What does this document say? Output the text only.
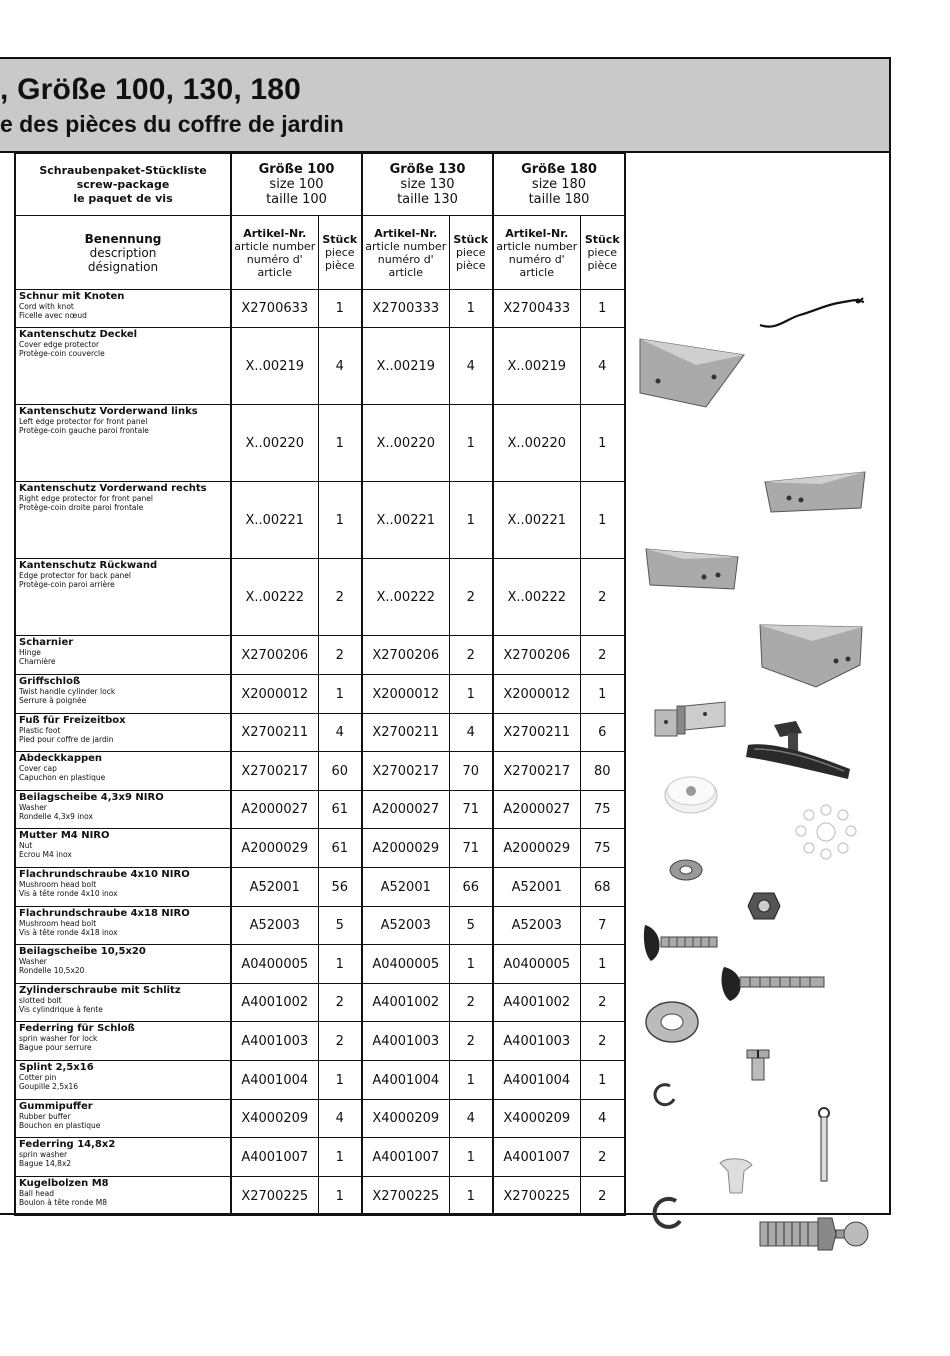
, Größe 100, 130, 180
e des pièces du coffre de jardin
Schraubenpaket-Stückliste
screw-package
le paquet de vis	Größe 100
size 100
taille 100		Größe 130
size 130
taille 130		Größe 180
size 180
taille 180	

Benennung
description
désignation	Artikel-Nr.
article number
numéro d'
article	Stück
piece
pièce	Artikel-Nr.
article number
numéro d'
article	Stück
piece
pièce	Artikel-Nr.
article number
numéro d'
article	Stück
piece
pièce

Schnur mit Knoten
Cord with knot
Ficelle avec nœud	X2700633	1	X2700333	1	X2700433	1

Kantenschutz Deckel
Cover edge protector
Protège-coin couvercle	X..00219	4	X..00219	4	X..00219	4

Kantenschutz Vorderwand links
Left edge protector for front panel
Protège-coin gauche paroi frontale	X..00220	1	X..00220	1	X..00220	1

Kantenschutz Vorderwand rechts
Right edge protector for front panel
Protège-coin droite paroi frontale	X..00221	1	X..00221	1	X..00221	1

Kantenschutz Rückwand
Edge protector for back panel
Protège-coin paroi arrière	X..00222	2	X..00222	2	X..00222	2

Scharnier
Hinge
Charnière	X2700206	2	X2700206	2	X2700206	2

Griffschloß
Twist handle cylinder lock
Serrure à poignée	X2000012	1	X2000012	1	X2000012	1

Fuß für Freizeitbox
Plastic foot
Pied pour coffre de jardin	X2700211	4	X2700211	4	X2700211	6

Abdeckkappen
Cover cap
Capuchon en plastique	X2700217	60	X2700217	70	X2700217	80

Beilagscheibe 4,3x9 NIRO
Washer
Rondelle 4,3x9 inox	A2000027	61	A2000027	71	A2000027	75

Mutter M4 NIRO
Nut
Ecrou M4 inox	A2000029	61	A2000029	71	A2000029	75

Flachrundschraube 4x10 NIRO
Mushroom head bolt
Vis à tête ronde 4x10 inox	A52001	56	A52001	66	A52001	68

Flachrundschraube 4x18 NIRO
Mushroom head bolt
Vis à tête ronde 4x18 inox	A52003	5	A52003	5	A52003	7

Beilagscheibe 10,5x20
Washer
Rondelle 10,5x20	A0400005	1	A0400005	1	A0400005	1

Zylinderschraube mit Schlitz
slotted bolt
Vis cylindrique à fente	A4001002	2	A4001002	2	A4001002	2

Federring für Schloß
sprin washer for lock
Bague pour serrure	A4001003	2	A4001003	2	A4001003	2

Splint 2,5x16
Cotter pin
Goupille 2,5x16	A4001004	1	A4001004	1	A4001004	1

Gummipuffer
Rubber buffer
Bouchon en plastique	X4000209	4	X4000209	4	X4000209	4

Federring 14,8x2
sprin washer
Bague 14,8x2	A4001007	1	A4001007	1	A4001007	2

Kugelbolzen M8
Ball head
Boulon à tête ronde M8	X2700225	1	X2700225	1	X2700225	2
